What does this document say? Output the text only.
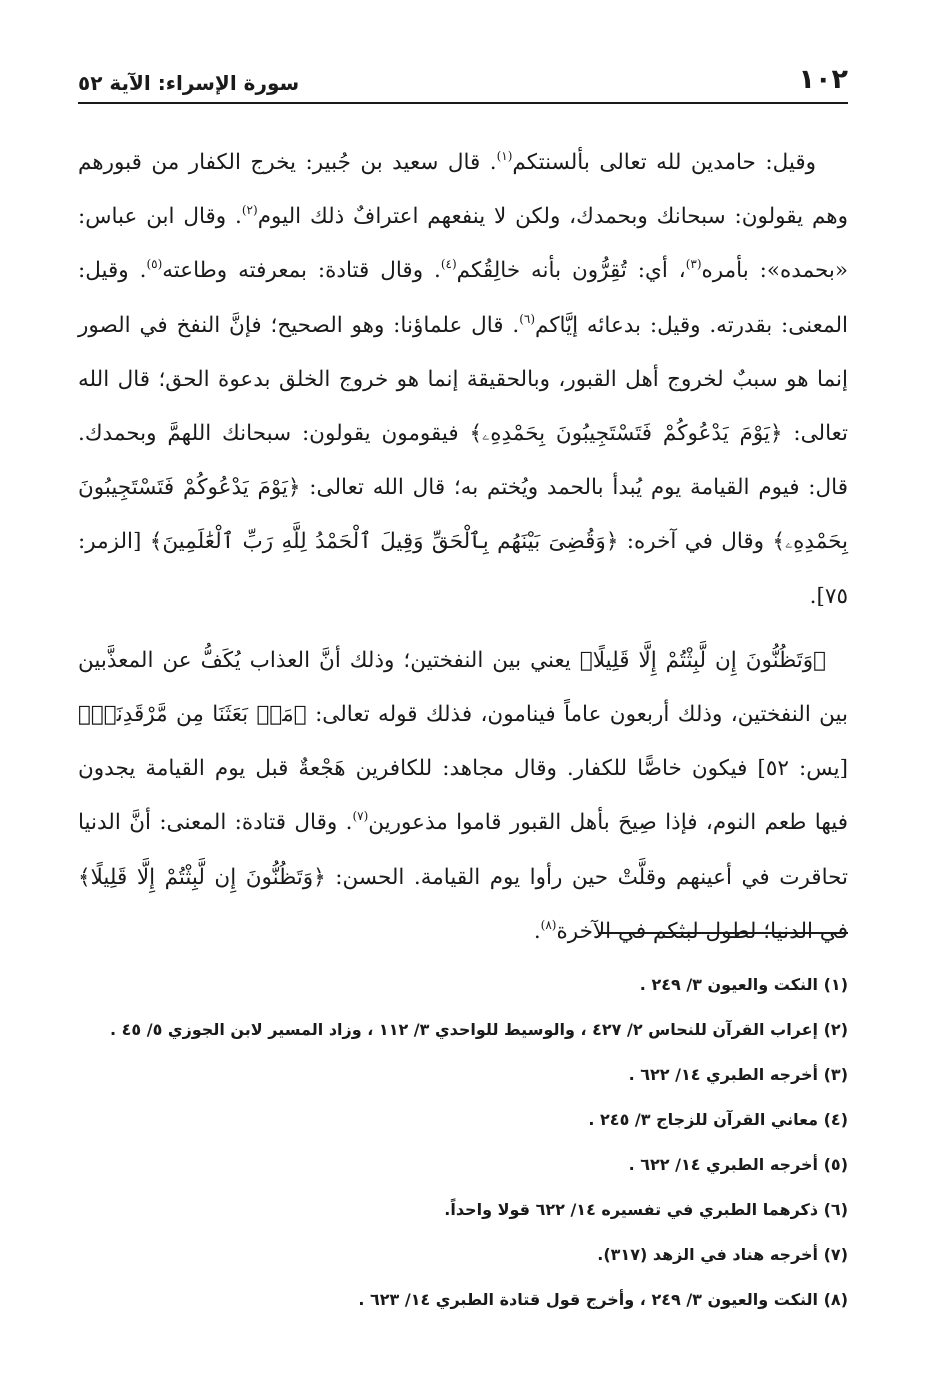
١٠٢
سورة الإسراء: الآية ٥٢

وقيل: حامدين لله تعالى بألسنتكم$^{(١)}$. قال سعيد بن جُبير: يخرج الكفار من قبورهم وهم يقولون: سبحانك وبحمدك، ولكن لا ينفعهم اعترافٌ ذلك اليوم$^{(٢)}$. وقال ابن عباس: «بحمده»: بأمره$^{(٣)}$، أي: تُقِرُّون بأنه خالِقُكم$^{(٤)}$. وقال قتادة: بمعرفته وطاعته$^{(٥)}$. وقيل: المعنى: بقدرته. وقيل: بدعائه إيَّاكم$^{(٦)}$. قال علماؤنا: وهو الصحيح؛ فإنَّ النفخ في الصور إنما هو سببٌ لخروج أهل القبور، وبالحقيقة إنما هو خروج الخلق بدعوة الحق؛ قال الله تعالى: ﴿يَوْمَ يَدْعُوكُمْ فَتَسْتَجِيبُونَ بِحَمْدِهِۦ﴾ فيقومون يقولون: سبحانك اللهمَّ وبحمدك. قال: فيوم القيامة يوم يُبدأ بالحمد ويُختم به؛ قال الله تعالى: ﴿يَوْمَ يَدْعُوكُمْ فَتَسْتَجِيبُونَ بِحَمْدِهِۦ﴾ وقال في آخره: ﴿وَقُضِىَ بَيْنَهُم بِٱلْحَقِّ وَقِيلَ ٱلْحَمْدُ لِلَّهِ رَبِّ ٱلْعَٰلَمِينَ﴾ [الزمر: ٧٥].

﴿وَتَظُنُّونَ إِن لَّبِثْتُمْ إِلَّا قَلِيلًا﴾ يعني بين النفختين؛ وذلك أنَّ العذاب يُكَفُّ عن المعذَّبين بين النفختين، وذلك أربعون عاماً فينامون، فذلك قوله تعالى: ﴿مَنۢ بَعَثَنَا مِن مَّرْقَدِنَاۜ﴾ [يس: ٥٢] فيكون خاصًّا للكفار. وقال مجاهد: للكافرين هَجْعةٌ قبل يوم القيامة يجدون فيها طعم النوم، فإذا صِيحَ بأهل القبور قاموا مذعورين$^{(٧)}$. وقال قتادة: المعنى: أنَّ الدنيا تحاقرت في أعينهم وقلَّتْ حين رأوا يوم القيامة. الحسن: ﴿وَتَظُنُّونَ إِن لَّبِثْتُمْ إِلَّا قَلِيلًا﴾ في الدنيا؛ لطول لبثكم في الآخرة$^{(٨)}$.

(١) النكت والعيون ٣/ ٢٤٩ .
(٢) إعراب القرآن للنحاس ٢/ ٤٢٧ ، والوسيط للواحدي ٣/ ١١٢ ، وزاد المسير لابن الجوزي ٥/ ٤٥ .
(٣) أخرجه الطبري ١٤/ ٦٢٢ .
(٤) معاني القرآن للزجاج ٣/ ٢٤٥ .
(٥) أخرجه الطبري ١٤/ ٦٢٢ .
(٦) ذكرهما الطبري في تفسيره ١٤/ ٦٢٢ قولا واحداً.
(٧) أخرجه هناد في الزهد (٣١٧).
(٨) النكت والعيون ٣/ ٢٤٩ ، وأخرج قول قتادة الطبري ١٤/ ٦٢٣ .
